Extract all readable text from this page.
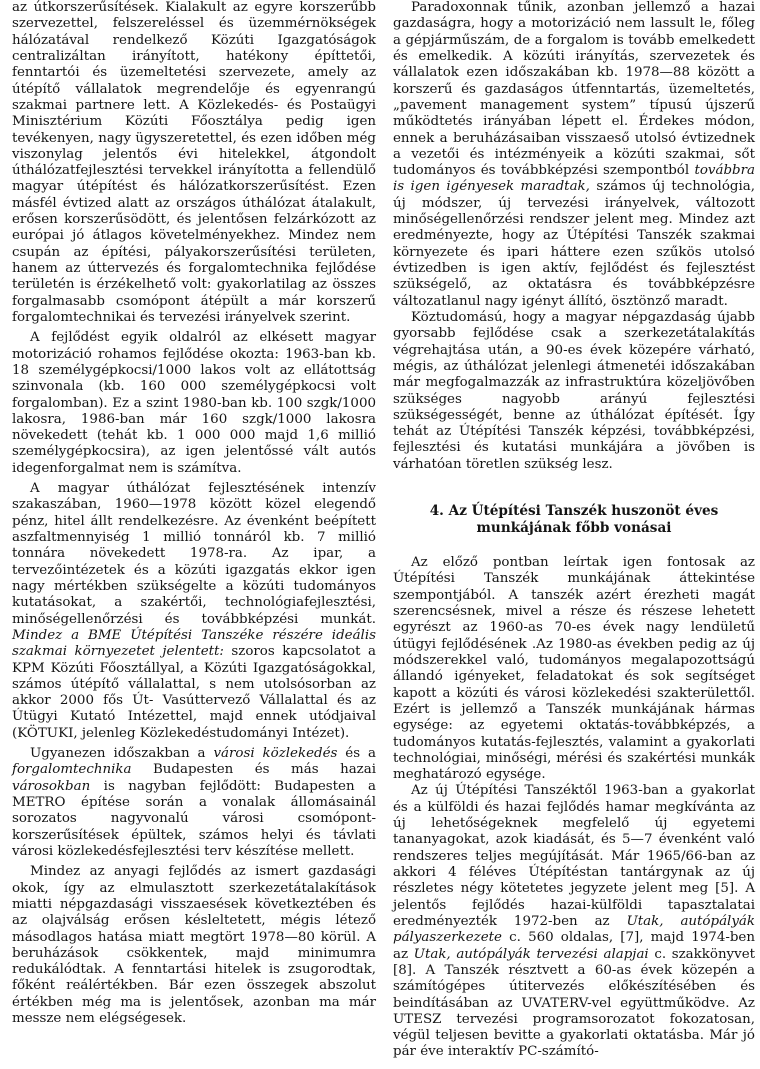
az útkorszerűsítések. Kialakult az egyre korszerűbb szervezettel, felszereléssel és üzemmérnökségek hálózatával rendelkező Közúti Igazgatóságok centralizáltan irányított, hatékony építtetői, fenntartói és üzemeltetési szervezete, amely az útépítő vállalatok megrendelője és egyenrangú szakmai partnere lett. A Közlekedés- és Postaügyi Minisztérium Közúti Főosztálya pedig igen tevékenyen, nagy ügyszeretettel, és ezen időben még viszonylag jelentős évi hitelekkel, átgondolt úthálózatfejlesztési tervekkel irányította a fellendülő magyar útépítést és hálózatkorszerűsítést. Ezen másfél évtized alatt az országos úthálózat átalakult, erősen korszerűsödött, és jelentősen felzárkózott az európai jó átlagos követelményekhez. Mindez nem csupán az építési, pályakorszerűsítési területen, hanem az úttervezés és forgalomtechnika fejlődése területén is érzékelhető volt: gyakorlatilag az összes forgalmasabb csomópont átépült a már korszerű forgalomtechnikai és tervezési irányelvek szerint.

A fejlődést egyik oldalról az elkésett magyar motorizáció rohamos fejlődése okozta: 1963-ban kb. 18 személygépkocsi/1000 lakos volt az ellátottság szinvonala (kb. 160 000 személygépkocsi volt forgalomban). Ez a szint 1980-ban kb. 100 szgk/1000 lakosra, 1986-ban már 160 szgk/1000 lakosra növekedett (tehát kb. 1 000 000 majd 1,6 millió személygépkocsira), az igen jelentőssé vált autós idegenforgalmat nem is számítva.

A magyar úthálózat fejlesztésének intenzív szakaszában, 1960—1978 között közel elegendő pénz, hitel állt rendelkezésre. Az évenként beépített aszfaltmennyiség 1 millió tonnáról kb. 7 millió tonnára növekedett 1978-ra. Az ipar, a tervezőintézetek és a közúti igazgatás ekkor igen nagy mértékben szükségelte a közúti tudományos kutatásokat, a szakértői, technológiafejlesztési, minőségellenőrzési és továbbképzési munkát. Mindez a BME Útépítési Tanszéke részére ideális szakmai környezetet jelentett: szoros kapcsolatot a KPM Közúti Főosztállyal, a Közúti Igazgatóságokkal, számos útépítő vállalattal, s nem utolsósorban az akkor 2000 fős Út- Vasúttervező Vállalattal és az Útügyi Kutató Intézettel, majd ennek utódjaival (KÖTUKI, jelenleg Közlekedéstudományi Intézet).

Ugyanezen időszakban a városi közlekedés és a forgalomtechnika Budapesten és más hazai városokban is nagyban fejlődött: Budapesten a METRO építése során a vonalak állomásainál sorozatos nagyvonalú városi csomópont-korszerűsítések épültek, számos helyi és távlati városi közlekedésfejlesztési terv készítése mellett.

Mindez az anyagi fejlődés az ismert gazdasági okok, így az elmulasztott szerkezetátalakítások miatti népgazdasági visszaesések következtében és az olajválság erősen késleltetett, mégis létező másodlagos hatása miatt megtört 1978—80 körül. A beruházások csökkentek, majd minimumra redukálódtak. A fenntartási hitelek is zsugorodtak, főként reálértékben. Bár ezen összegek abszolut értékben még ma is jelentősek, azonban ma már messze nem elégségesek.

Paradoxonnak tűnik, azonban jellemző a hazai gazdaságra, hogy a motorizáció nem lassult le, főleg a gépjárműszám, de a forgalom is tovább emelkedett és emelkedik. A közúti irányítás, szervezetek és vállalatok ezen időszakában kb. 1978—88 között a korszerű és gazdaságos útfenntartás, üzemeltetés, „pavement management system” típusú újszerű működtetés irányában lépett el. Érdekes módon, ennek a beruházásaiban visszaeső utolsó évtizednek a vezetői és intézményeik a közúti szakmai, sőt tudományos és továbbképzési szempontból továbbra is igen igényesek maradtak, számos új technológia, új módszer, új tervezési irányelvek, változott minőségellenőrzési rendszer jelent meg. Mindez azt eredményezte, hogy az Útépítési Tanszék szakmai környezete és ipari háttere ezen szűkös utolsó évtizedben is igen aktív, fejlődést és fejlesztést szükségelő, az oktatásra és továbbképzésre változatlanul nagy igényt állító, ösztönző maradt.

Köztudomású, hogy a magyar népgazdaság újabb gyorsabb fejlődése csak a szerkezetátalakítás végrehajtása után, a 90-es évek közepére várható, mégis, az úthálózat jelenlegi átmenetéi időszakában már megfogalmazzák az infrastruktúra közeljövőben szükséges nagyobb arányú fejlesztési szükségességét, benne az úthálózat építését. Így tehát az Útépítési Tanszék képzési, továbbképzési, fejlesztési és kutatási munkájára a jövőben is várhatóan töretlen szükség lesz.

4. Az Útépítési Tanszék huszonöt éves munkájának főbb vonásai

Az előző pontban leírtak igen fontosak az Útépítési Tanszék munkájának áttekintése szempontjából. A tanszék azért érezheti magát szerencsésnek, mivel a része és részese lehetett egyrészt az 1960-as 70-es évek nagy lendületű útügyi fejlődésének .Az 1980-as években pedig az új módszerekkel való, tudományos megalapozottságú állandó igényeket, feladatokat és sok segítséget kapott a közúti és városi közlekedési szakterülettől. Ezért is jellemző a Tanszék munkájának hármas egysége: az egyetemi oktatás-továbbképzés, a tudományos kutatás-fejlesztés, valamint a gyakorlati technológiai, minőségi, mérési és szakértési munkák meghatározó egysége.

Az új Útépítési Tanszéktől 1963-ban a gyakorlat és a külföldi és hazai fejlődés hamar megkívánta az új lehetőségeknek megfelelő új egyetemi tananyagokat, azok kiadását, és 5—7 évenként való rendszeres teljes megújítását. Már 1965/66-ban az akkori 4 féléves Útépítéstan tantárgynak az új részletes négy kötetetes jegyzete jelent meg [5]. A jelentős fejlődés hazai-külföldi tapasztalatai eredményezték 1972-ben az Utak, autópályák pályaszerkezete c. 560 oldalas, [7], majd 1974-ben az Utak, autópályák tervezési alapjai c. szakkönyvet [8]. A Tanszék résztvett a 60-as évek közepén a számítógépes útitervezés előkészítésében és beindításában az UVATERV-vel együttműködve. Az UTESZ tervezési programsorozatot fokozatosan, végül teljesen bevitte a gyakorlati oktatásba. Már jó pár éve interaktív PC-számító-
